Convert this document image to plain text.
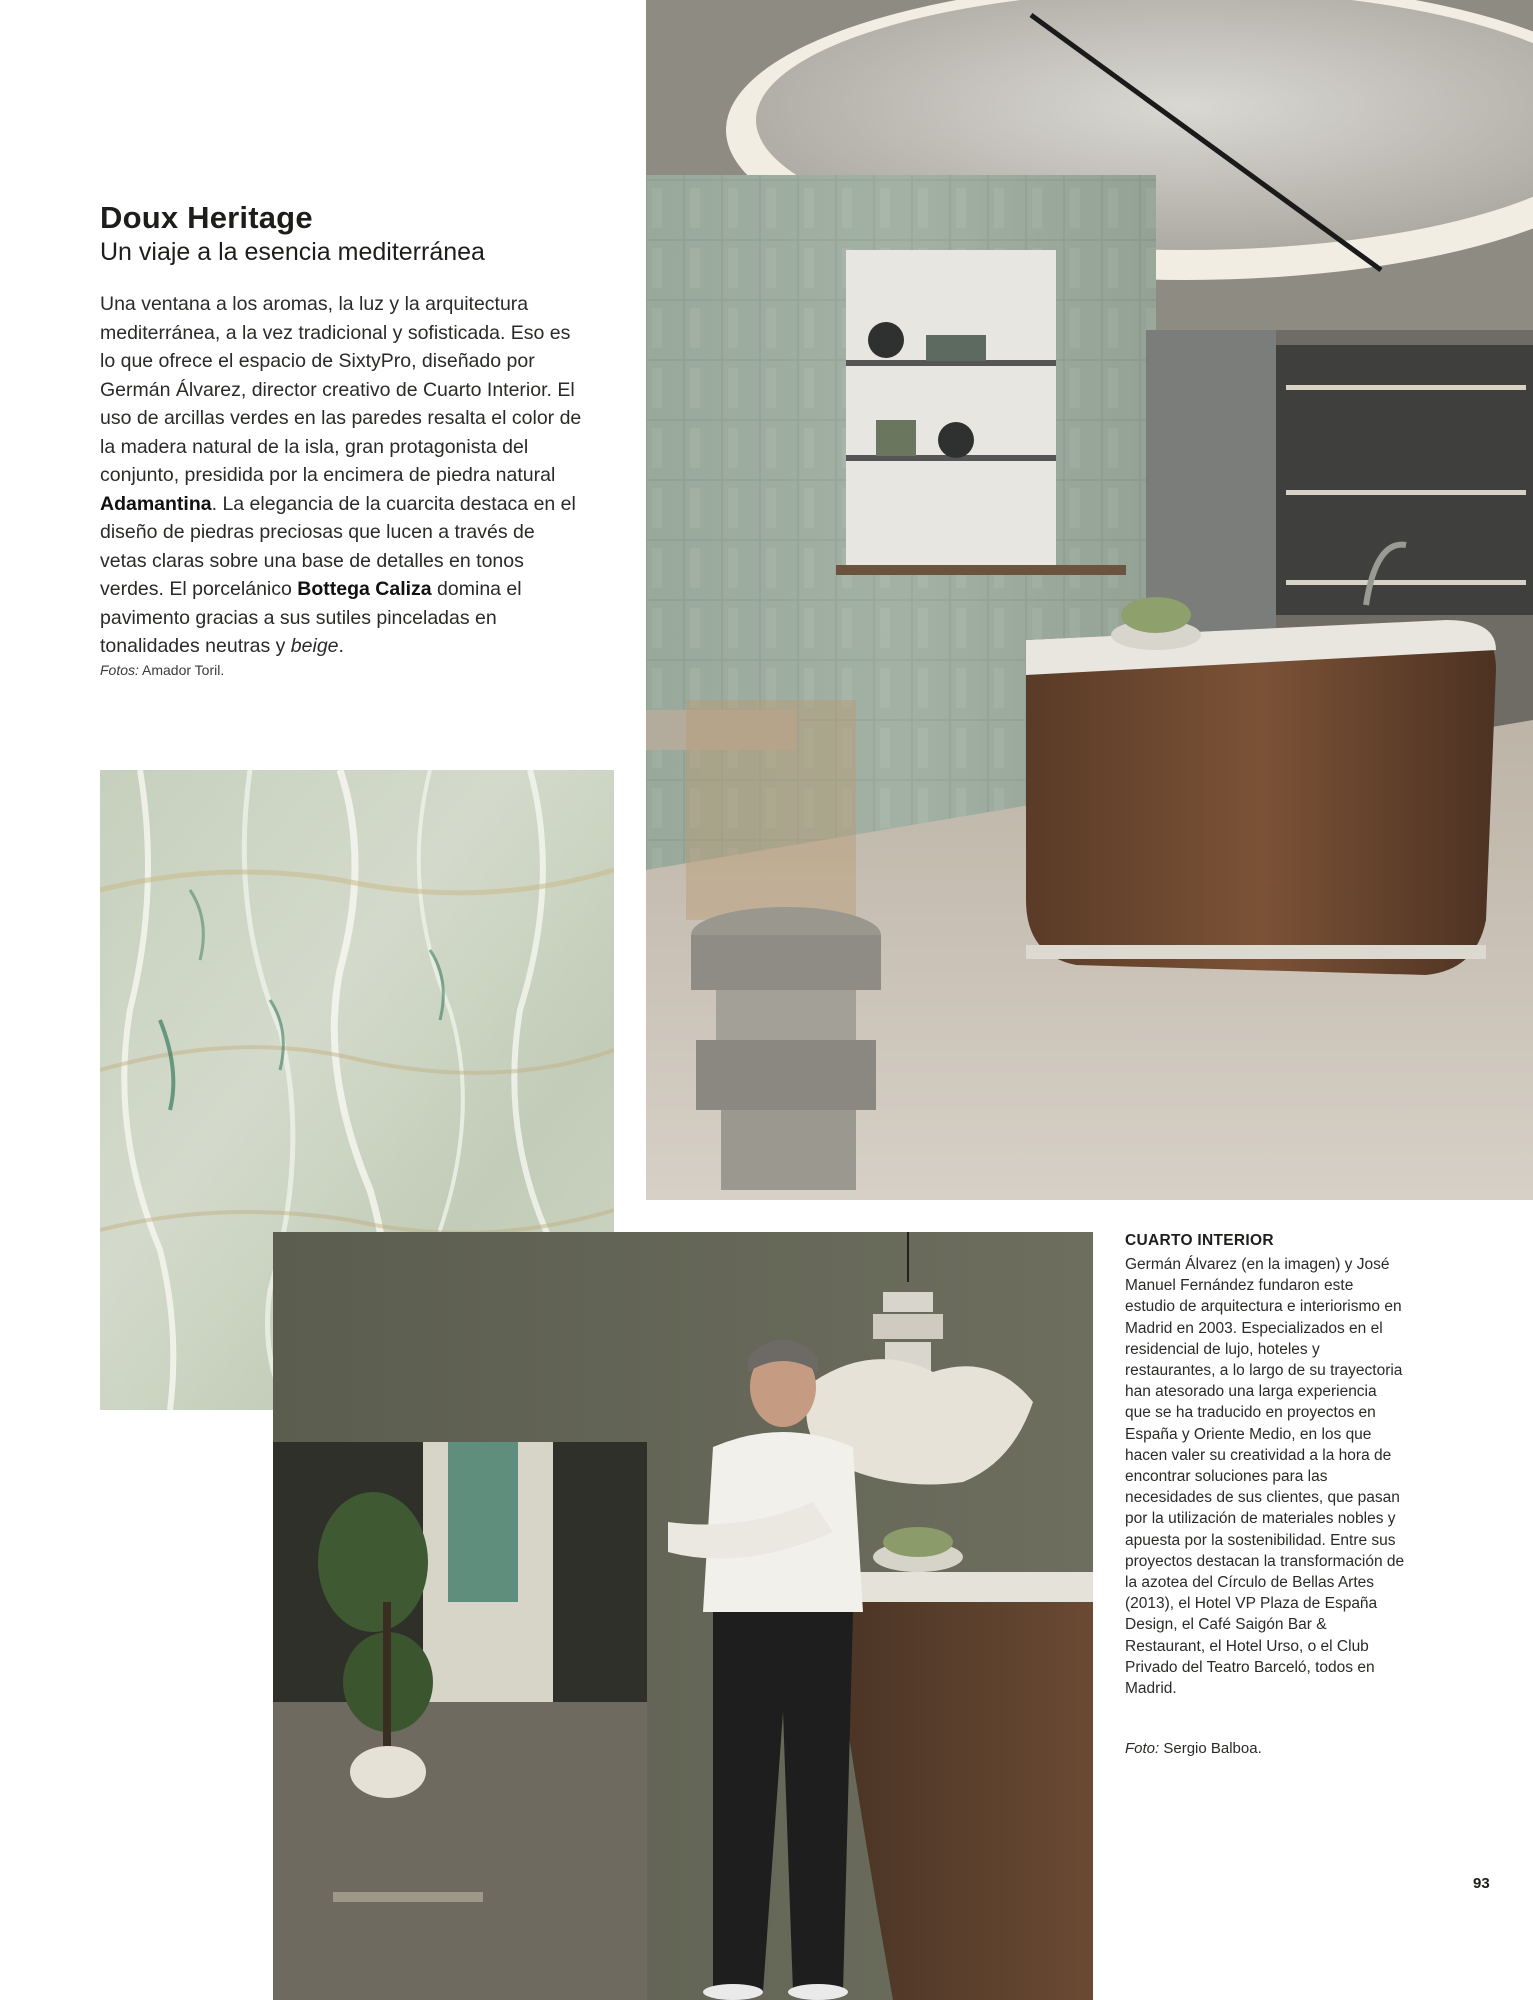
Doux Heritage
Un viaje a la esencia mediterránea

Una ventana a los aromas, la luz y la arquitectura mediterránea, a la vez tradicional y sofisticada. Eso es lo que ofrece el espacio de SixtyPro, diseñado por Germán Álvarez, director creativo de Cuarto Interior. El uso de arcillas verdes en las paredes resalta el color de la madera natural de la isla, gran protagonista del conjunto, presidida por la encimera de piedra natural Adamantina. La elegancia de la cuarcita destaca en el diseño de piedras preciosas que lucen a través de vetas claras sobre una base de detalles en tonos verdes. El porcelánico Bottega Caliza domina el pavimento gracias a sus sutiles pinceladas en tonalidades neutras y beige.

Fotos: Amador Toril.

CUARTO INTERIOR

Germán Álvarez (en la imagen) y José Manuel Fernández fundaron este estudio de arquitectura e interiorismo en Madrid en 2003. Especializados en el residencial de lujo, hoteles y restaurantes, a lo largo de su trayectoria han atesorado una larga experiencia que se ha traducido en proyectos en España y Oriente Medio, en los que hacen valer su creatividad a la hora de encontrar soluciones para las necesidades de sus clientes, que pasan por la utilización de materiales nobles y apuesta por la sostenibilidad. Entre sus proyectos destacan la transformación de la azotea del Círculo de Bellas Artes (2013), el Hotel VP Plaza de España Design, el Café Saigón Bar & Restaurant, el Hotel Urso, o el Club Privado del Teatro Barceló, todos en Madrid.

Foto: Sergio Balboa.

93
